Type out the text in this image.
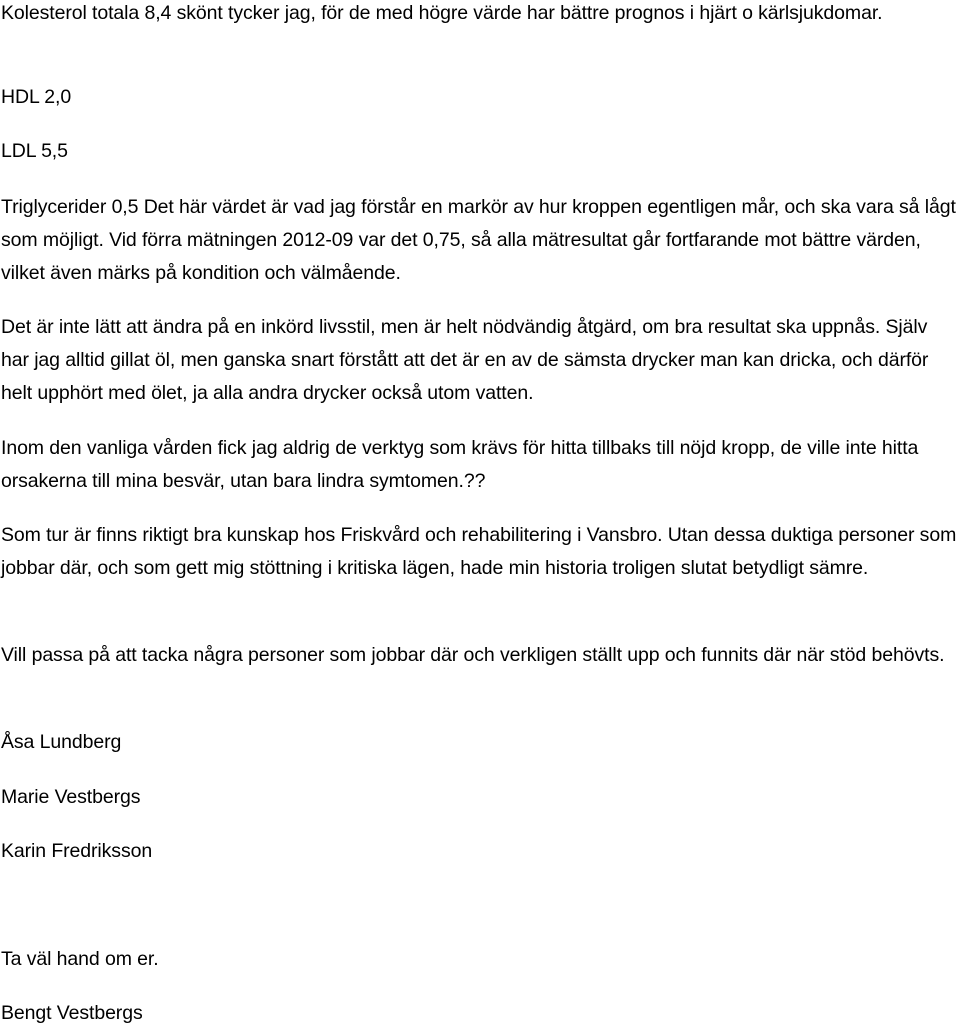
Kolesterol totala 8,4 skönt tycker jag, för de med högre värde har bättre prognos i hjärt o kärlsjukdomar.

HDL 2,0

LDL 5,5

Triglycerider 0,5 Det här värdet är vad jag förstår en markör av hur kroppen egentligen mår, och ska vara så lågt som möjligt. Vid förra mätningen 2012-09 var det 0,75, så alla mätresultat går fortfarande mot bättre värden, vilket även märks på kondition och välmående.

Det är inte lätt att ändra på en inkörd livsstil, men är helt nödvändig åtgärd, om bra resultat ska uppnås. Själv har jag alltid gillat öl, men ganska snart förstått att det är en av de sämsta drycker man kan dricka, och därför helt upphört med ölet, ja alla andra drycker också utom vatten.

Inom den vanliga vården fick jag aldrig de verktyg som krävs för hitta tillbaks till nöjd kropp, de ville inte hitta orsakerna till mina besvär, utan bara lindra symtomen.??

Som tur är finns riktigt bra kunskap hos Friskvård och rehabilitering i Vansbro. Utan dessa duktiga personer som jobbar där, och som gett mig stöttning i kritiska lägen, hade min historia troligen slutat betydligt sämre.

Vill passa på att tacka några personer som jobbar där och verkligen ställt upp och funnits där när stöd behövts.

Åsa Lundberg

Marie Vestbergs

Karin Fredriksson

Ta väl hand om er.

Bengt Vestbergs
